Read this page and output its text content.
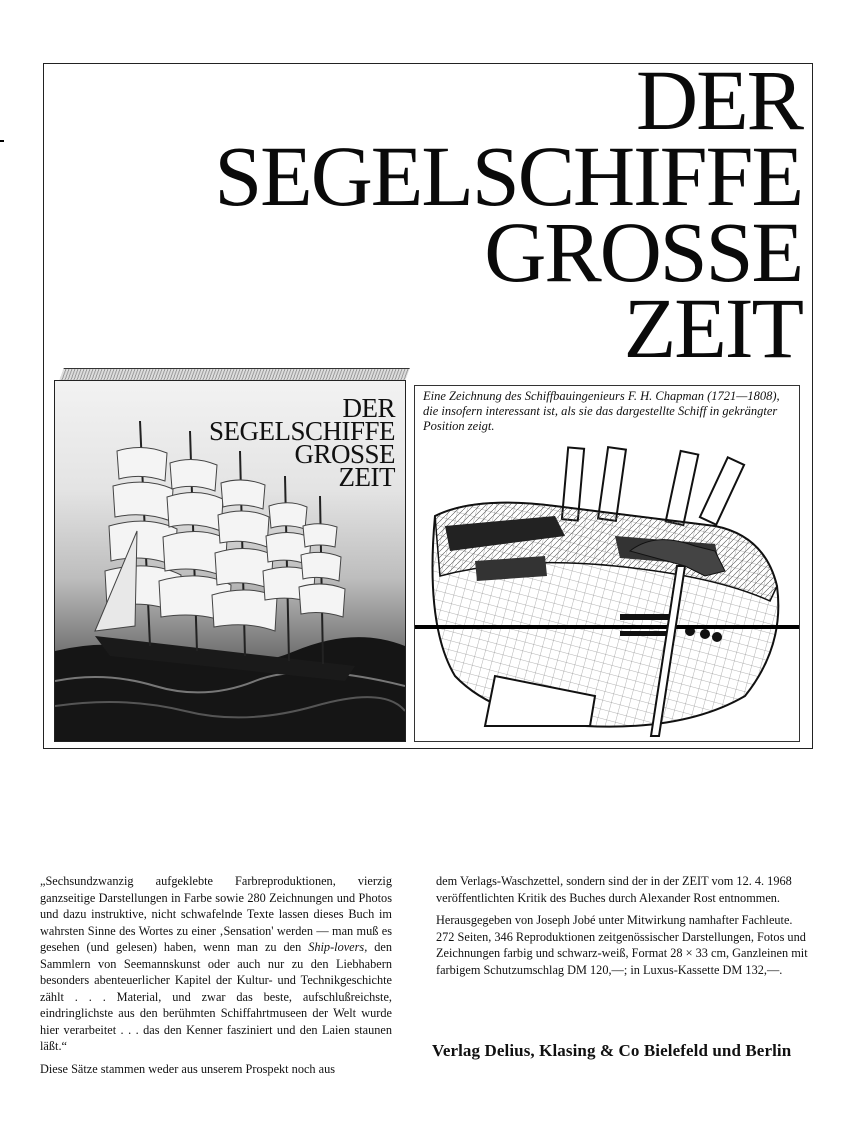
DER
SEGELSCHIFFE
GROSSE
ZEIT
DER
SEGELSCHIFFE
GROSSE
ZEIT
Eine Zeichnung des Schiffbauingenieurs F. H. Chapman (1721—1808), die insofern interessant ist, als sie das dargestellte Schiff in gekrängter Position zeigt.

„Sechsundzwanzig aufgeklebte Farbreproduktionen, vierzig ganzseitige Darstellungen in Farbe sowie 280 Zeichnungen und Photos und dazu instruktive, nicht schwafelnde Texte lassen dieses Buch im wahrsten Sinne des Wortes zu einer ‚Sensation' werden — man muß es gesehen (und gelesen) haben, wenn man zu den Ship-lovers, den Sammlern von Seemannskunst oder auch nur zu den Liebhabern besonders abenteuerlicher Kapitel der Kultur- und Technikgeschichte zählt . . . Material, und zwar das beste, aufschlußreichste, eindringlichste aus den berühmten Schiffahrtmuseen der Welt wurde hier verarbeitet . . . das den Kenner fasziniert und den Laien staunen läßt.“

Diese Sätze stammen weder aus unserem Prospekt noch aus

dem Verlags-Waschzettel, sondern sind der in der ZEIT vom 12. 4. 1968 veröffentlichten Kritik des Buches durch Alexander Rost entnommen.

Herausgegeben von Joseph Jobé unter Mitwirkung namhafter Fachleute. 272 Seiten, 346 Reproduktionen zeitgenössischer Darstellungen, Fotos und Zeichnungen farbig und schwarz-weiß, Format 28 × 33 cm, Ganzleinen mit farbigem Schutzumschlag DM 120,—; in Luxus-Kassette DM 132,—.

Verlag Delius, Klasing & Co Bielefeld und Berlin
